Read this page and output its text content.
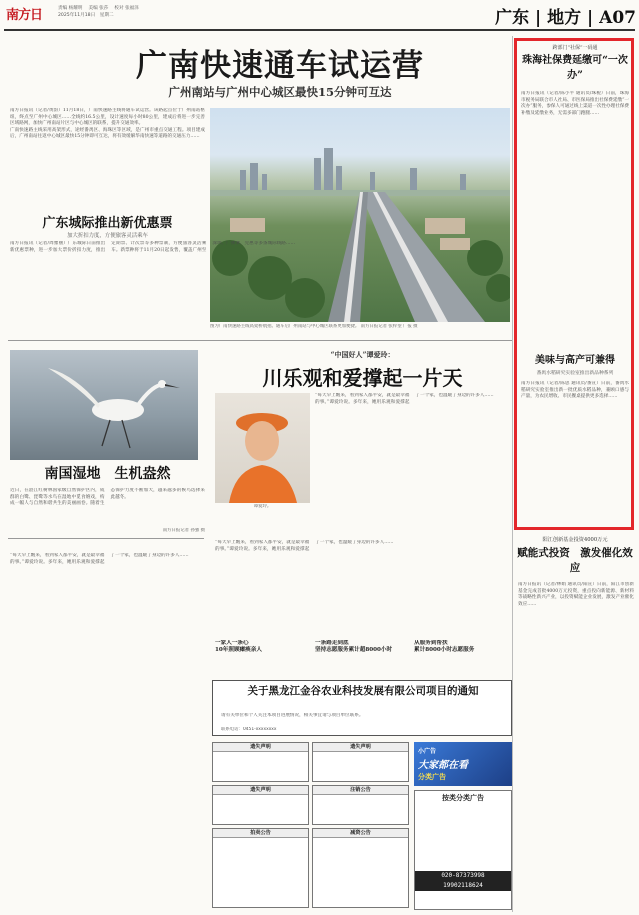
南方日	责编 杨耀明　 美编 张莎　 校对 张福泽
2025年11月18日　星期二	广东 | 地方 | A07
广南快速通车试运营
广州南站与广州中心城区最快15分钟可互达
南方日报讯（记者/黄韵）11月18日，广南快速路主线将通车试运营。该路起点位于广州南站枢纽，终点至广州中心城区……全线约16.5公里，设计速度每小时80公里，建成后将进一步完善区域路网，加快广州南站片区与中心城区的联系，提升交通效率。
广南快速路主线采用高架形式，途经番禺区、海珠区等区域，是广州市重点交通工程。项目建成后，广州南站往返中心城区最快15分钟即可互达，将有效缓解华南快速等道路的交通压力……
图为广南快速路主线高架桥航拍。通车后广州南站与中心城区联系更加便捷。 南方日报记者 张梓望 广报 摄
广东城际推出新优惠票
加大折扣力度，方便旅客灵活乘车
南方日报讯（记者/周雅丽）广东城际日前推出新优惠票种，进一步加大票价折扣力度，推出定期票、计次票等多种票制，方便旅客灵活乘车。新票种将于11月20日起发售，覆盖广州至深圳、广佛肇、莞惠等多条城际线路……
南国湿地　生机盎然
近日，在湛江红树林国家级自然保护区内，成群的白鹭、琵鹭等水鸟在湿地中觅食嬉戏，构成一幅人与自然和谐共生的美丽画卷。随着生态保护力度不断加大，越来越多的候鸟选择来此越冬。
南方日报记者 孙强 摄
“每天早上醒来，看到家人都平安，就是最幸福的事。”谭爱玲说。多年来，她用乐观和爱撑起了一个家，也温暖了身边的许多人……
“中国好人”谭爱玲：
川乐观和爱撑起一片天
谭爱玲。
“每天早上醒来，看到家人都平安，就是最幸福的事。”谭爱玲说。多年来，她用乐观和爱撑起了一个家，也温暖了身边的许多人……
“每天早上醒来，看到家人都平安，就是最幸福的事。”谭爱玲说。多年来，她用乐观和爱撑起了一个家，也温暖了身边的许多人……
一家人一条心
10年照顾瘫痪亲人
一条路走到底
坚持志愿服务累计超8000小时
从服务到帮扶
累计8000小时志愿服务
跨部门“社保”一码通
珠海社保费延缴可“一次办”
南方日报讯（记者/陈小平 通讯员/珠税）日前，珠海市税务局联合市人社局、市医保局推出社保费延缴“一次办”服务，参保人可通过线上渠道一次性办理社保费补缴及延缴业务，无需多部门跑腿……
美味与高产可兼得
番禺水稻研究实验室推出新品种系列
南方日报讯（记者/陈思 通讯员/番宣）日前，番禺水稻研究实验室推出新一批优质水稻品种，兼顾口感与产量，为农民增收、市民餐桌提供更多选择……
阳江创新基金投资4000万元
赋能式投资　激发催化效应
南方日报讯（记者/林娟 通讯员/阳宣）日前，阳江市创新基金完成首批4000万元投资，重点投向新能源、新材料等战略性新兴产业，以投资赋能企业发展，激发产业催化效应……
关于黑龙江金谷农业科技发展有限公司项目的通知
请有关单位和个人关注本项目进展情况，相关事宜请与项目单位联系。
联系电话：0451-xxxxxxxx
遗失声明	遗失声明
遗失声明	注销公告
拍卖公告	减资公告
小广告
大家都在看
分类广告
按类分类广告
020-87373998
19902118624
